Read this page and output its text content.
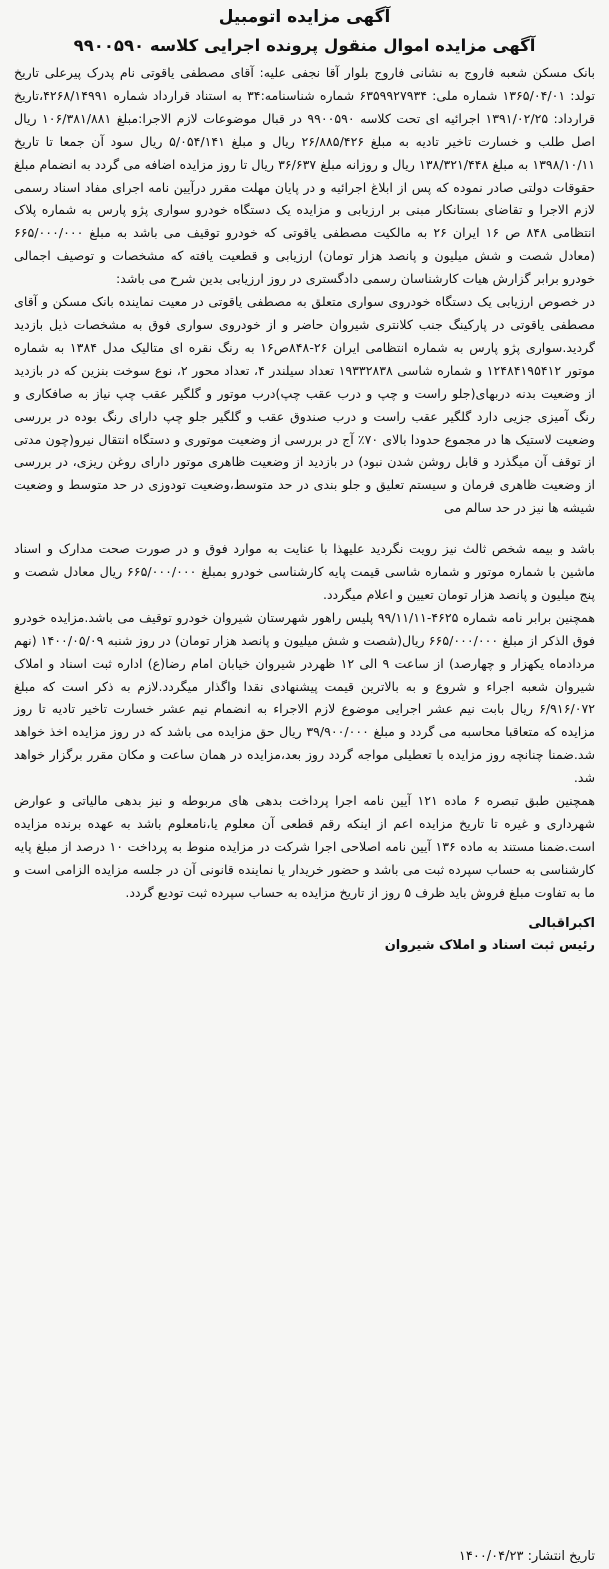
آگهی مزایده اتومبیل
آگهی مزایده اموال منقول پرونده اجرایی کلاسه ۹۹۰۰۵۹۰

بانک مسکن شعبه فاروج به نشانی فاروج بلوار آقا نجفی علیه: آقای مصطفی یاقوتی نام پدرک پیرعلی تاریخ تولد: ۱۳۶۵/۰۴/۰۱ شماره ملی: ۶۳۵۹۹۲۷۹۳۴ شماره شناسنامه:۳۴ به استناد قرارداد شماره ۴۲۶۸/۱۴۹۹۱،تاریخ قرارداد: ۱۳۹۱/۰۲/۲۵ اجرائیه ای تحت کلاسه ۹۹۰۰۵۹۰ در قبال موضوعات لازم الاجرا:مبلغ ۱۰۶/۳۸۱/۸۸۱ ریال اصل طلب و خسارت تاخیر تادیه به مبلغ ۲۶/۸۸۵/۴۲۶ ریال و مبلغ ۵/۰۵۴/۱۴۱ ریال سود آن جمعا تا تاریخ ۱۳۹۸/۱۰/۱۱ به مبلغ ۱۳۸/۳۲۱/۴۴۸ ریال و روزانه مبلغ ۳۶/۶۳۷ ریال تا روز مزایده اضافه می گردد به انضمام مبلغ حقوقات دولتی صادر نموده که پس از ابلاغ اجرائیه و در پایان مهلت مقرر درآیین نامه اجرای مفاد اسناد رسمی لازم الاجرا و تقاضای بستانکار مبنی بر ارزیابی و مزایده یک دستگاه خودرو سواری پژو پارس به شماره پلاک انتظامی ۸۴۸ ص ۱۶ ایران ۲۶ به مالکیت مصطفی یاقوتی که خودرو توقیف می باشد به مبلغ ۶۶۵/۰۰۰/۰۰۰ (معادل شصت و شش میلیون و پانصد هزار تومان) ارزیابی و قطعیت یافته که مشخصات و توصیف اجمالی خودرو برابر گزارش هیات کارشناسان رسمی دادگستری در روز ارزیابی بدین شرح می باشد:

در خصوص ارزیابی یک دستگاه خودروی سواری متعلق به مصطفی یاقوتی در معیت نماینده بانک مسکن و آقای مصطفی یاقوتی در پارکینگ جنب کلانتری شیروان حاضر و از خودروی سواری فوق به مشخصات ذیل بازدید گردید.سواری پژو پارس به شماره انتظامی ایران ۲۶-۸۴۸ص۱۶ به رنگ نقره ای متالیک مدل ۱۳۸۴ به شماره موتور ۱۲۴۸۴۱۹۵۴۱۲ و شماره شاسی ۱۹۳۳۲۸۳۸ تعداد سیلندر ۴، تعداد محور ۲، نوع سوخت بنزین که در بازدید از وضعیت بدنه دربهای(جلو راست و چپ و درب عقب چپ)درب موتور و گلگیر عقب چپ نیاز به صافکاری و رنگ آمیزی جزیی دارد گلگیر عقب راست و درب صندوق عقب و گلگیر جلو چپ دارای رنگ بوده در بررسی وضعیت لاستیک ها در مجموع حدودا بالای ۷۰٪ آج در بررسی از وضعیت موتوری و دستگاه انتقال نیرو(چون مدتی از توقف آن میگذرد و قابل روشن شدن نبود) در بازدید از وضعیت ظاهری موتور دارای روغن ریزی، در بررسی از وضعیت ظاهری فرمان و سیستم تعلیق و جلو بندی در حد متوسط،وضعیت تودوزی در حد متوسط و وضعیت شیشه ها نیز در حد سالم می

باشد و بیمه شخص ثالث نیز رویت نگردید علیهذا با عنایت به موارد فوق و در صورت صحت مدارک و اسناد ماشین با شماره موتور و شماره شاسی قیمت پایه کارشناسی خودرو بمبلغ ۶۶۵/۰۰۰/۰۰۰ ریال معادل شصت و پنج میلیون و پانصد هزار تومان تعیین و اعلام میگردد.

همچنین برابر نامه شماره ۴۶۲۵-۹۹/۱۱/۱۱ پلیس راهور شهرستان شیروان خودرو توقیف می باشد.مزایده خودرو فوق الذکر از مبلغ ۶۶۵/۰۰۰/۰۰۰ ریال(شصت و شش میلیون و پانصد هزار تومان) در روز شنبه ۱۴۰۰/۰۵/۰۹ (نهم مردادماه یکهزار و چهارصد) از ساعت ۹ الی ۱۲ ظهردر شیروان خیابان امام رضا(ع) اداره ثبت اسناد و املاک شیروان شعبه اجراء و شروع و به بالاترین قیمت پیشنهادی نقدا واگذار میگردد.لازم به ذکر است که مبلغ ۶/۹۱۶/۰۷۲ ریال بابت نیم عشر اجرایی موضوع لازم الاجراء به انضمام نیم عشر خسارت تاخیر تادیه تا روز مزایده که متعاقبا محاسبه می گردد و مبلغ ۳۹/۹۰۰/۰۰۰ ریال حق مزایده می باشد که در روز مزایده اخذ خواهد شد.ضمنا چنانچه روز مزایده با تعطیلی مواجه گردد روز بعد،مزایده در همان ساعت و مکان مقرر برگزار خواهد شد.

همچنین طبق تبصره ۶ ماده ۱۲۱ آیین نامه اجرا پرداخت بدهی های مربوطه و نیز بدهی مالیاتی و عوارض شهرداری و غیره تا تاریخ مزایده اعم از اینکه رقم قطعی آن معلوم یا،نامعلوم باشد به عهده برنده مزایده است.ضمنا مستند به ماده ۱۳۶ آیین نامه اصلاحی اجرا شرکت در مزایده منوط به پرداخت ۱۰ درصد از مبلغ پایه کارشناسی به حساب سپرده ثبت می باشد و حضور خریدار یا نماینده قانونی آن در جلسه مزایده الزامی است و ما به تفاوت مبلغ فروش باید ظرف ۵ روز از تاریخ مزایده به حساب سپرده ثبت تودیع گردد.

اکبراقبالی
رئیس ثبت اسناد و املاک شیروان
تاریخ انتشار: ۱۴۰۰/۰۴/۲۳
